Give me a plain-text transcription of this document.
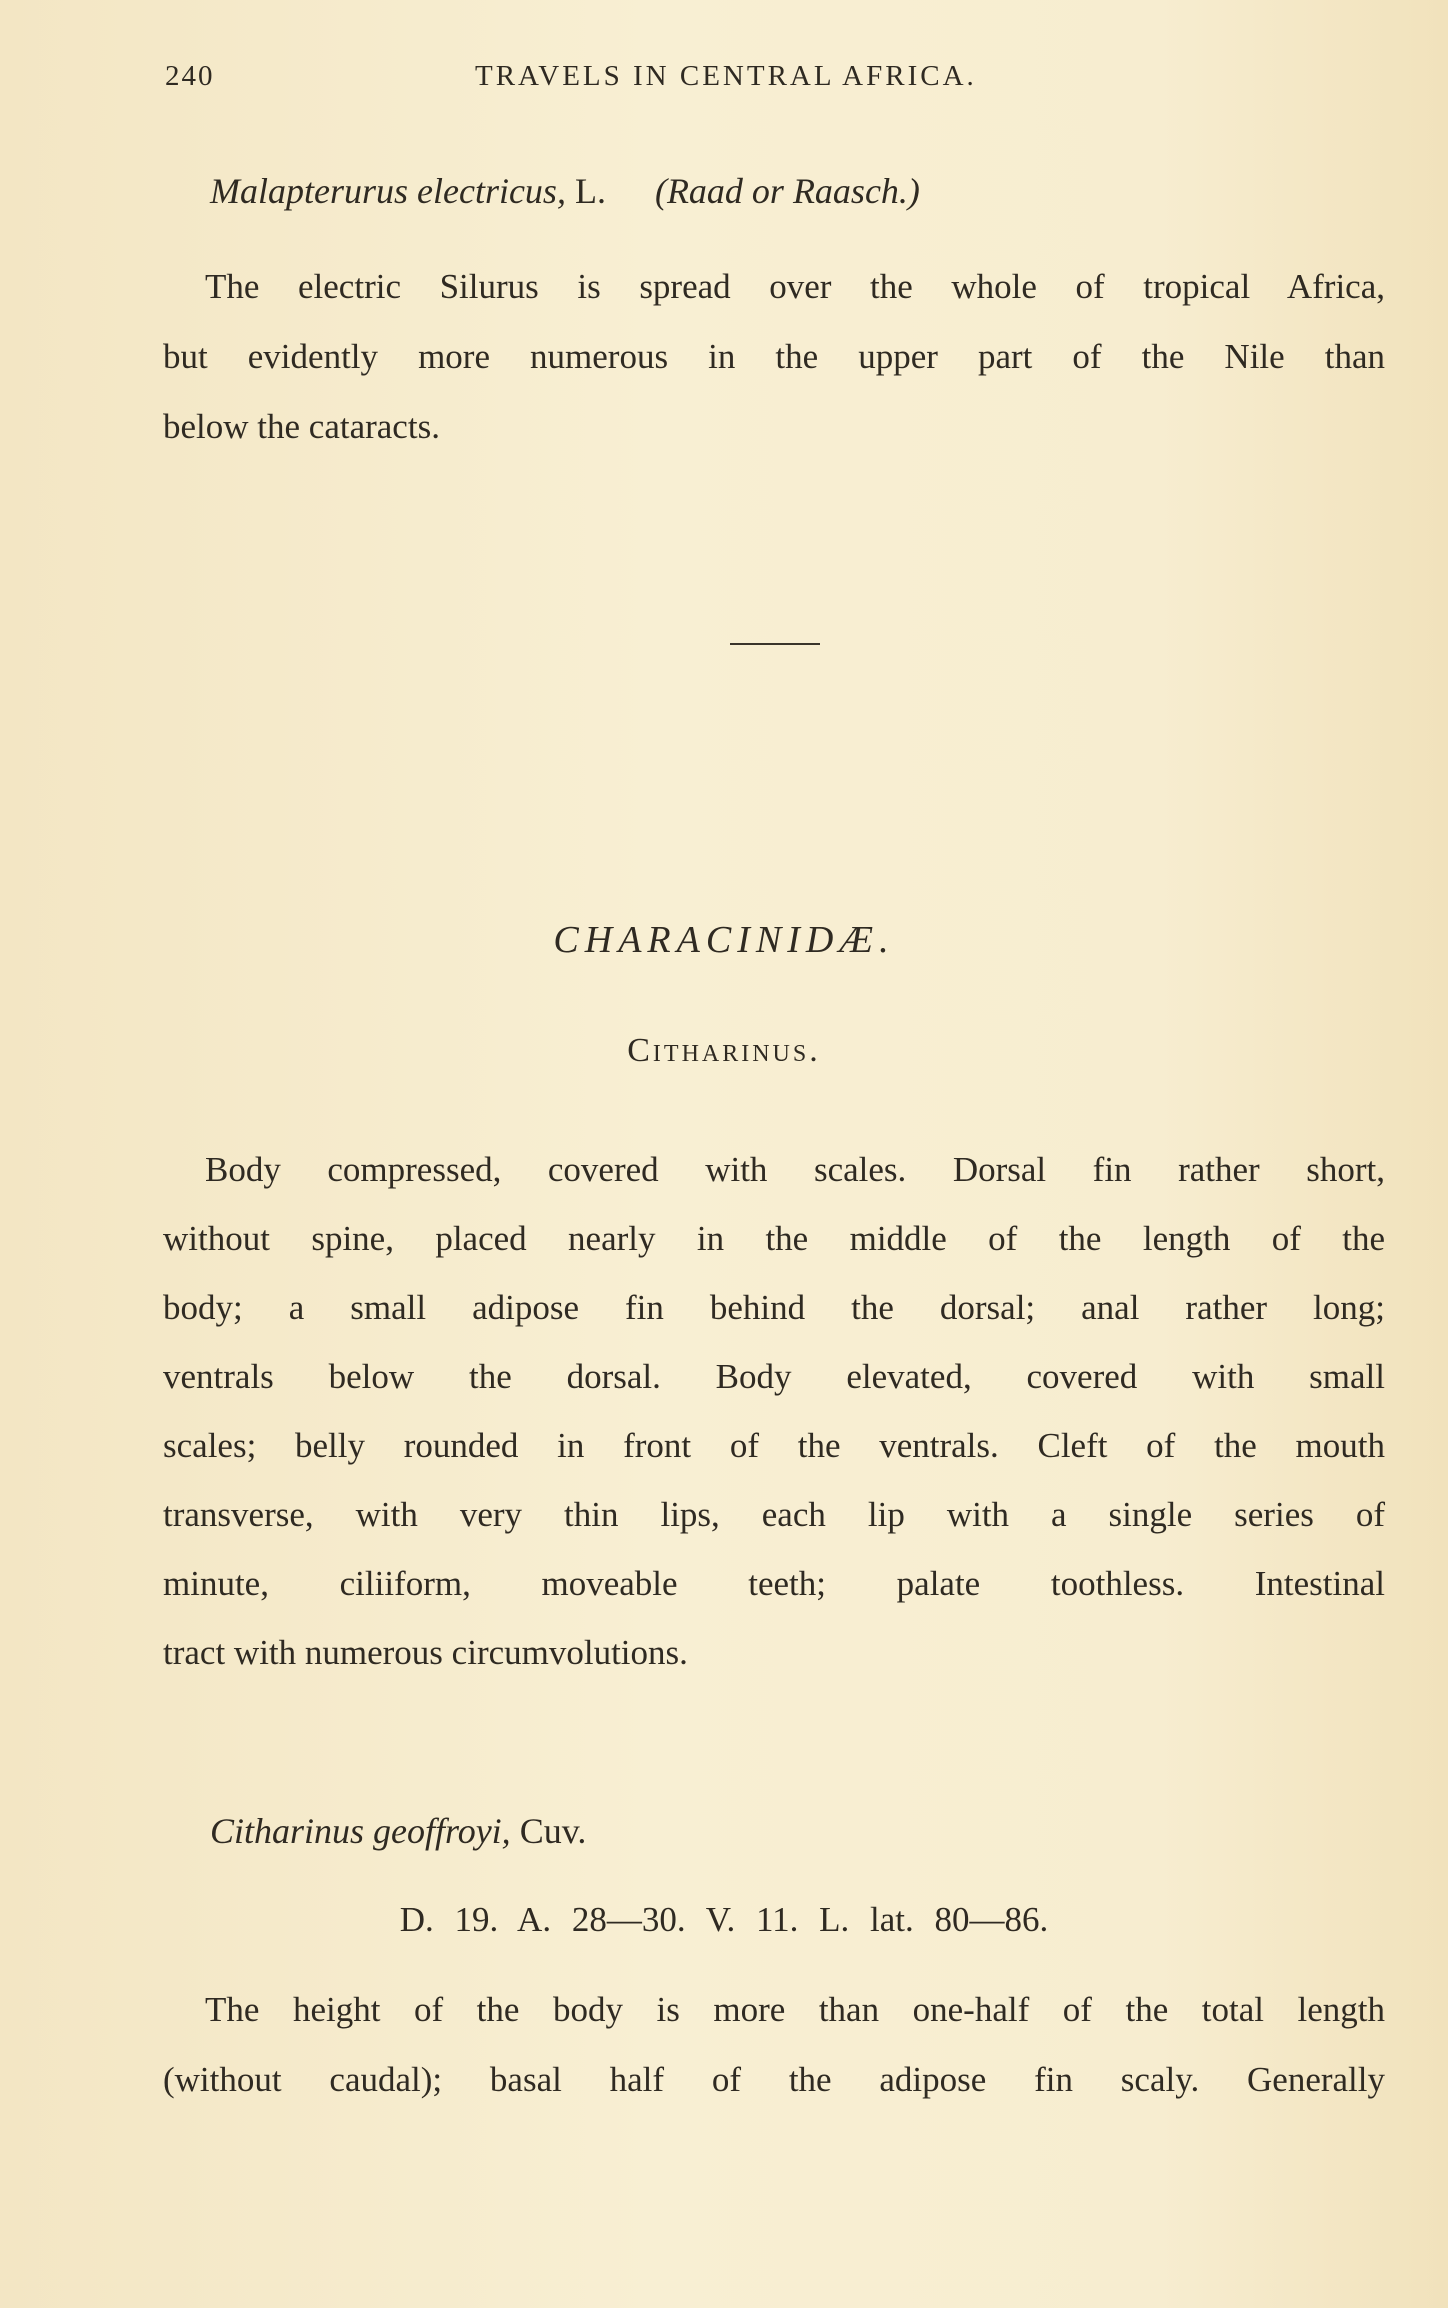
240	TRAVELS IN CENTRAL AFRICA.
Malapterurus electricus, L. (Raad or Raasch.)
The electric Silurus is spread over the whole of tropical Africa,
but evidently more numerous in the upper part of the Nile than
below the cataracts.
CHARACINIDÆ.
Citharinus.
Body compressed, covered with scales. Dorsal fin rather short,
without spine, placed nearly in the middle of the length of the
body; a small adipose fin behind the dorsal; anal rather long;
ventrals below the dorsal. Body elevated, covered with small
scales; belly rounded in front of the ventrals. Cleft of the mouth
transverse, with very thin lips, each lip with a single series of
minute, ciliiform, moveable teeth; palate toothless. Intestinal
tract with numerous circumvolutions.
Citharinus geoffroyi, Cuv.
D. 19. A. 28—30. V. 11. L. lat. 80—86.
The height of the body is more than one-half of the total length
(without caudal); basal half of the adipose fin scaly. Generally
